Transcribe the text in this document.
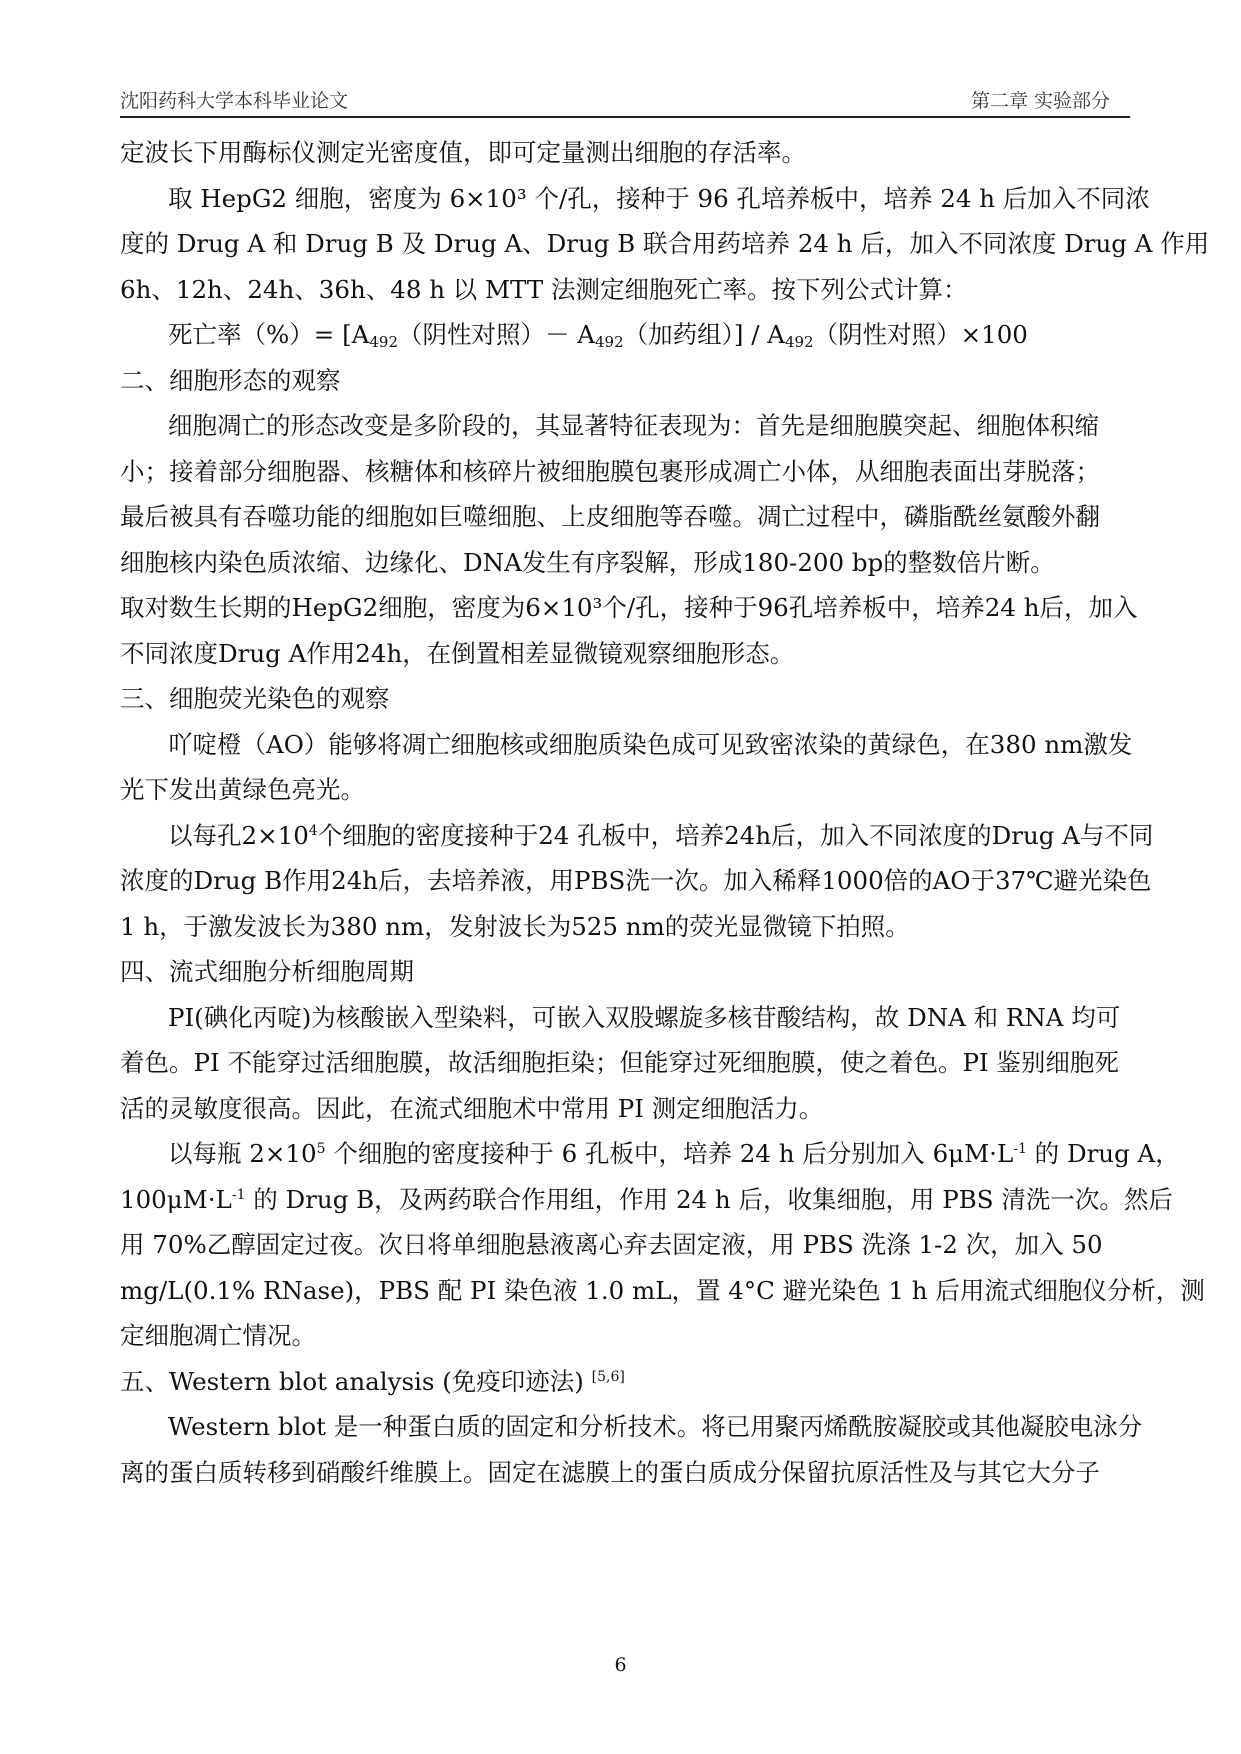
沈阳药科大学本科毕业论文	第二章 实验部分
定波长下用酶标仪测定光密度值，即可定量测出细胞的存活率。
取 HepG2 细胞，密度为 6×10³ 个/孔，接种于 96 孔培养板中，培养 24 h 后加入不同浓
度的 Drug A 和 Drug B 及 Drug A、Drug B 联合用药培养 24 h 后，加入不同浓度 Drug A 作用
6h、12h、24h、36h、48 h 以 MTT 法测定细胞死亡率。按下列公式计算：
死亡率（%）= [$A_{492}$（阴性对照）－ $A_{492}$（加药组）] / $A_{492}$（阴性对照）×100
二、细胞形态的观察
细胞凋亡的形态改变是多阶段的，其显著特征表现为：首先是细胞膜突起、细胞体积缩
小；接着部分细胞器、核糖体和核碎片被细胞膜包裹形成凋亡小体，从细胞表面出芽脱落；
最后被具有吞噬功能的细胞如巨噬细胞、上皮细胞等吞噬。凋亡过程中，磷脂酰丝氨酸外翻
细胞核内染色质浓缩、边缘化、DNA发生有序裂解，形成180-200 bp的整数倍片断。
取对数生长期的HepG2细胞，密度为6×10³个/孔，接种于96孔培养板中，培养24 h后，加入
不同浓度Drug A作用24h，在倒置相差显微镜观察细胞形态。
三、细胞荧光染色的观察
吖啶橙（AO）能够将凋亡细胞核或细胞质染色成可见致密浓染的黄绿色，在380 nm激发
光下发出黄绿色亮光。
以每孔$2\times 10^4$个细胞的密度接种于24 孔板中，培养24h后，加入不同浓度的Drug A与不同
浓度的Drug B作用24h后，去培养液，用PBS洗一次。加入稀释1000倍的AO于37℃避光染色
1 h，于激发波长为380 nm，发射波长为525 nm的荧光显微镜下拍照。
四、流式细胞分析细胞周期
PI(碘化丙啶)为核酸嵌入型染料，可嵌入双股螺旋多核苷酸结构，故 DNA 和 RNA 均可
着色。PI 不能穿过活细胞膜，故活细胞拒染；但能穿过死细胞膜，使之着色。PI 鉴别细胞死
活的灵敏度很高。因此，在流式细胞术中常用 PI 测定细胞活力。
以每瓶 $2\times 10^5$ 个细胞的密度接种于 6 孔板中，培养 24 h 后分别加入 $6\mu M\cdot L^{-1}$ 的 Drug A，
$100\mu M\cdot L^{-1}$ 的 Drug B，及两药联合作用组，作用 24 h 后，收集细胞，用 PBS 清洗一次。然后
用 70%乙醇固定过夜。次日将单细胞悬液离心弃去固定液，用 PBS 洗涤 1-2 次，加入 50
mg/L(0.1% RNase)，PBS 配 PI 染色液 1.0 mL，置 4°C 避光染色 1 h 后用流式细胞仪分析，测
定细胞凋亡情况。
五、Western blot analysis (免疫印迹法) [5,6]
Western blot 是一种蛋白质的固定和分析技术。将已用聚丙烯酰胺凝胶或其他凝胶电泳分
离的蛋白质转移到硝酸纤维膜上。固定在滤膜上的蛋白质成分保留抗原活性及与其它大分子
6
